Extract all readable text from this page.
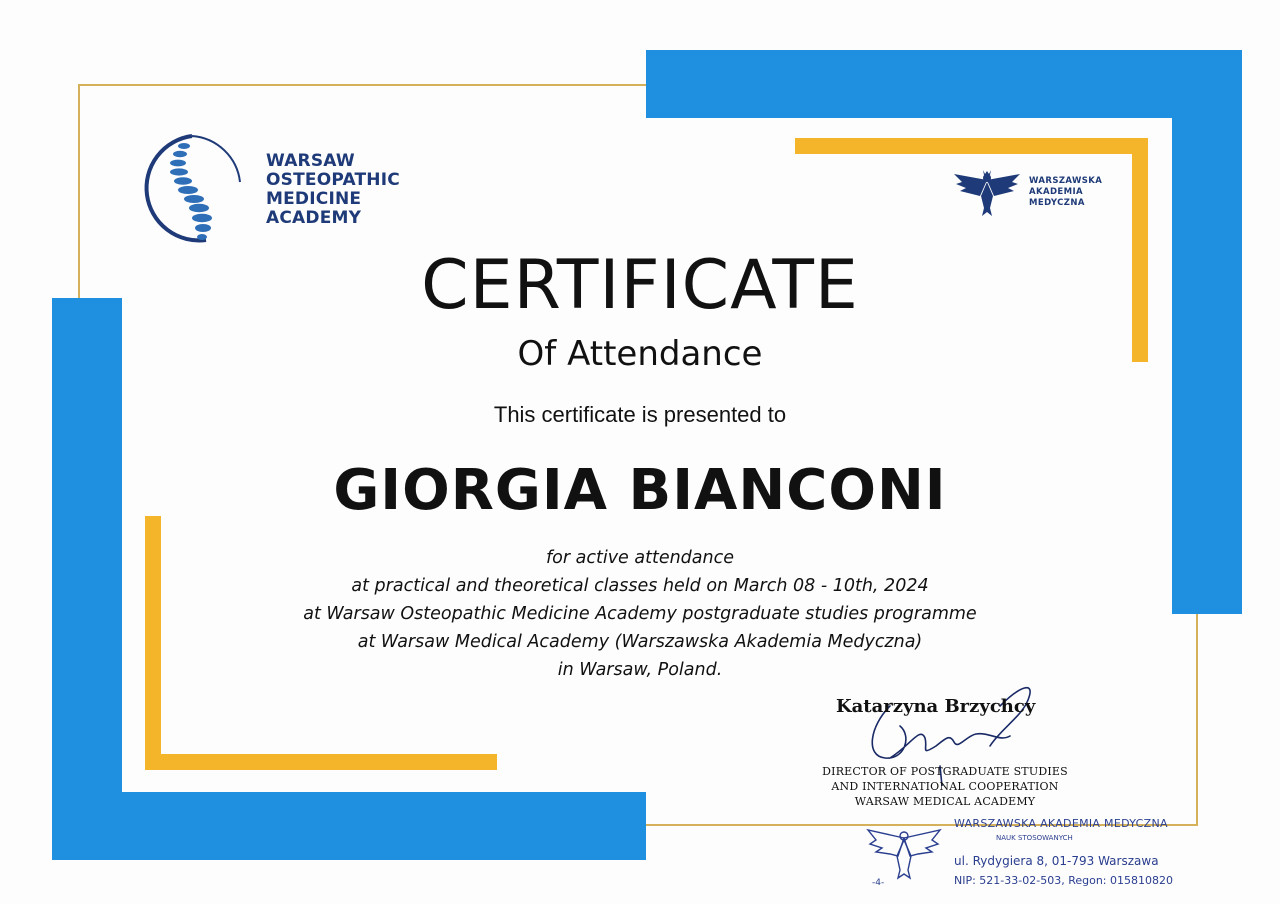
WARSAW
OSTEOPATHIC
MEDICINE
ACADEMY
WARSZAWSKA
AKADEMIA
MEDYCZNA
CERTIFICATE
Of Attendance
This certificate is presented to
GIORGIA BIANCONI
for active attendance
at practical and theoretical classes held on March 08 - 10th, 2024
at Warsaw Osteopathic Medicine Academy postgraduate studies programme
at Warsaw Medical Academy (Warszawska Akademia Medyczna)
in Warsaw, Poland.
Katarzyna Brzychcy
DIRECTOR OF POSTGRADUATE STUDIES
AND INTERNATIONAL COOPERATION
WARSAW MEDICAL ACADEMY
-4-
WARSZAWSKA AKADEMIA MEDYCZNA
NAUK STOSOWANYCH
ul. Rydygiera 8, 01-793 Warszawa
NIP: 521-33-02-503, Regon: 015810820
